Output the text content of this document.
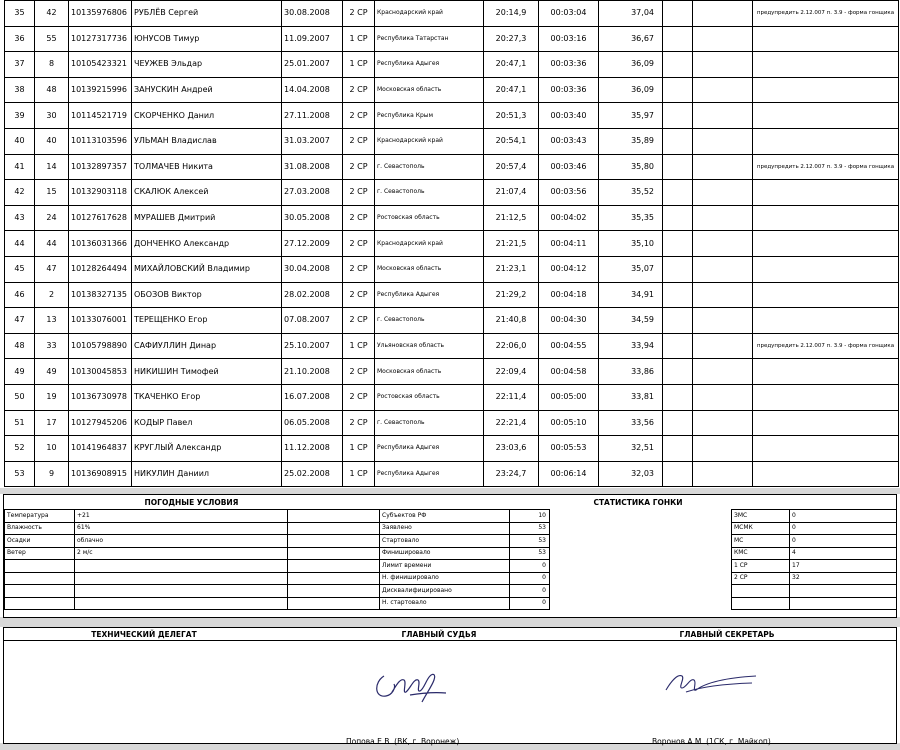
35	42	10135976806	РУБЛЁВ Сергей	30.08.2008	2 СР	Краснодарский край	20:14,9	00:03:04	37,04			предупредить 2.12.007 п. 3.9 - форма гонщика
36	55	10127317736	ЮНУСОВ Тимур	11.09.2007	1 СР	Республика Татарстан	20:27,3	00:03:16	36,67			
37	8	10105423321	ЧЕУЖЕВ Эльдар	25.01.2007	1 СР	Республика Адыгея	20:47,1	00:03:36	36,09			
38	48	10139215996	ЗАНУСКИН Андрей	14.04.2008	2 СР	Московская область	20:47,1	00:03:36	36,09			
39	30	10114521719	СКОРЧЕНКО Данил	27.11.2008	2 СР	Республика Крым	20:51,3	00:03:40	35,97			
40	40	10113103596	УЛЬМАН Владислав	31.03.2007	2 СР	Краснодарский край	20:54,1	00:03:43	35,89			
41	14	10132897357	ТОЛМАЧЕВ Никита	31.08.2008	2 СР	г. Севастополь	20:57,4	00:03:46	35,80			предупредить 2.12.007 п. 3.9 - форма гонщика
42	15	10132903118	СКАЛЮК Алексей	27.03.2008	2 СР	г. Севастополь	21:07,4	00:03:56	35,52			
43	24	10127617628	МУРАШЕВ Дмитрий	30.05.2008	2 СР	Ростовская область	21:12,5	00:04:02	35,35			
44	44	10136031366	ДОНЧЕНКО Александр	27.12.2009	2 СР	Краснодарский край	21:21,5	00:04:11	35,10			
45	47	10128264494	МИХАЙЛОВСКИЙ Владимир	30.04.2008	2 СР	Московская область	21:23,1	00:04:12	35,07			
46	2	10138327135	ОБОЗОВ Виктор	28.02.2008	2 СР	Республика Адыгея	21:29,2	00:04:18	34,91			
47	13	10133076001	ТЕРЕЩЕНКО Егор	07.08.2007	2 СР	г. Севастополь	21:40,8	00:04:30	34,59			
48	33	10105798890	САФИУЛЛИН Динар	25.10.2007	1 СР	Ульяновская область	22:06,0	00:04:55	33,94			предупредить 2.12.007 п. 3.9 - форма гонщика
49	49	10130045853	НИКИШИН Тимофей	21.10.2008	2 СР	Московская область	22:09,4	00:04:58	33,86			
50	19	10136730978	ТКАЧЕНКО Егор	16.07.2008	2 СР	Ростовская область	22:11,4	00:05:00	33,81			
51	17	10127945206	КОДЫР Павел	06.05.2008	2 СР	г. Севастополь	22:21,4	00:05:10	33,56			
52	10	10141964837	КРУГЛЫЙ Александр	11.12.2008	1 СР	Республика Адыгея	23:03,6	00:05:53	32,51			
53	9	10136908915	НИКУЛИН Даниил	25.02.2008	1 СР	Республика Адыгея	23:24,7	00:06:14	32,03			
ПОГОДНЫЕ УСЛОВИЯ	СТАТИСТИКА ГОНКИ
Температура	+21	
Влажность	61%	
Осадки	облачно	
Ветер	2 м/с	

Субъектов РФ	10
Заявлено	53
Стартовало	53
Финишировало	53
Лимит времени	0
Н. финишировало	0
Дисквалифицировано	0
Н. стартовало	0
ЗМС	0
МСМК	0
МС	0
КМС	4
1 СР	17
2 СР	32

ТЕХНИЧЕСКИЙ ДЕЛЕГАТ	ГЛАВНЫЙ СУДЬЯ	ГЛАВНЫЙ СЕКРЕТАРЬ
Попова Е.В. (ВК, г. Воронеж)	Воронов А.М. (1СК, г. Майкоп)
